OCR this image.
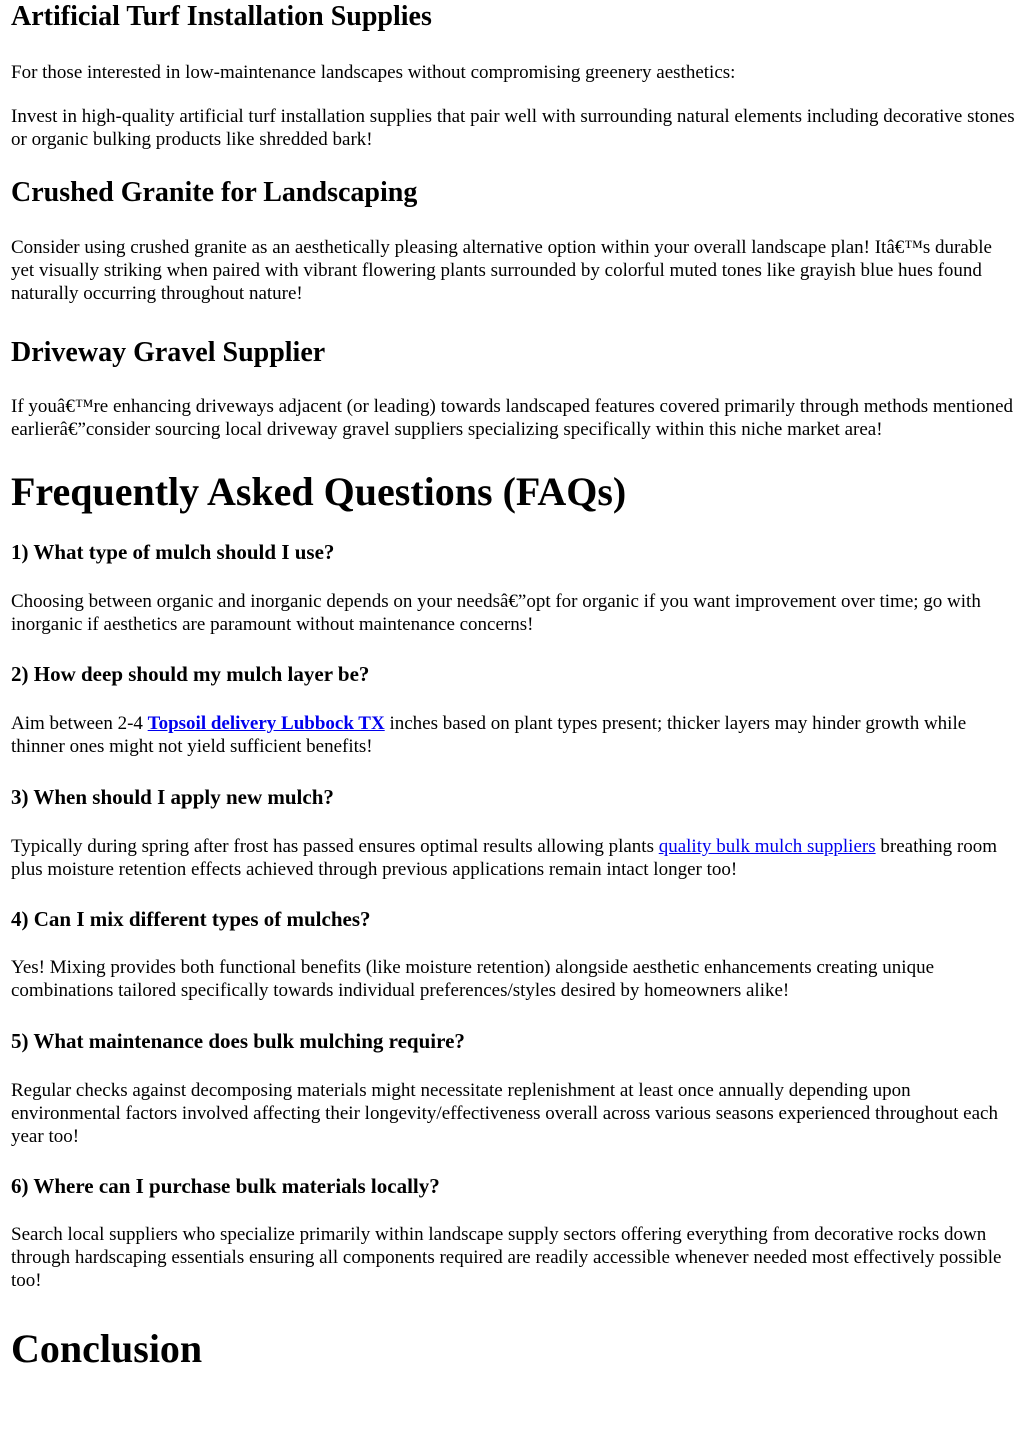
Artificial Turf Installation Supplies

For those interested in low-maintenance landscapes without compromising greenery aesthetics:

Invest in high-quality artificial turf installation supplies that pair well with surrounding natural elements including decorative stones or organic bulking products like shredded bark!

Crushed Granite for Landscaping

Consider using crushed granite as an aesthetically pleasing alternative option within your overall landscape plan! Itâ€™s durable yet visually striking when paired with vibrant flowering plants surrounded by colorful muted tones like grayish blue hues found naturally occurring throughout nature!

Driveway Gravel Supplier

If youâ€™re enhancing driveways adjacent (or leading) towards landscaped features covered primarily through methods mentioned earlierâ€”consider sourcing local driveway gravel suppliers specializing specifically within this niche market area!

Frequently Asked Questions (FAQs)
1) What type of mulch should I use?

Choosing between organic and inorganic depends on your needsâ€”opt for organic if you want improvement over time; go with inorganic if aesthetics are paramount without maintenance concerns!

2) How deep should my mulch layer be?

Aim between 2-4 Topsoil delivery Lubbock TX inches based on plant types present; thicker layers may hinder growth while thinner ones might not yield sufficient benefits!

3) When should I apply new mulch?

Typically during spring after frost has passed ensures optimal results allowing plants quality bulk mulch suppliers breathing room plus moisture retention effects achieved through previous applications remain intact longer too!

4) Can I mix different types of mulches?

Yes! Mixing provides both functional benefits (like moisture retention) alongside aesthetic enhancements creating unique combinations tailored specifically towards individual preferences/styles desired by homeowners alike!

5) What maintenance does bulk mulching require?

Regular checks against decomposing materials might necessitate replenishment at least once annually depending upon environmental factors involved affecting their longevity/effectiveness overall across various seasons experienced throughout each year too!

6) Where can I purchase bulk materials locally?

Search local suppliers who specialize primarily within landscape supply sectors offering everything from decorative rocks down through hardscaping essentials ensuring all components required are readily accessible whenever needed most effectively possible too!

Conclusion
